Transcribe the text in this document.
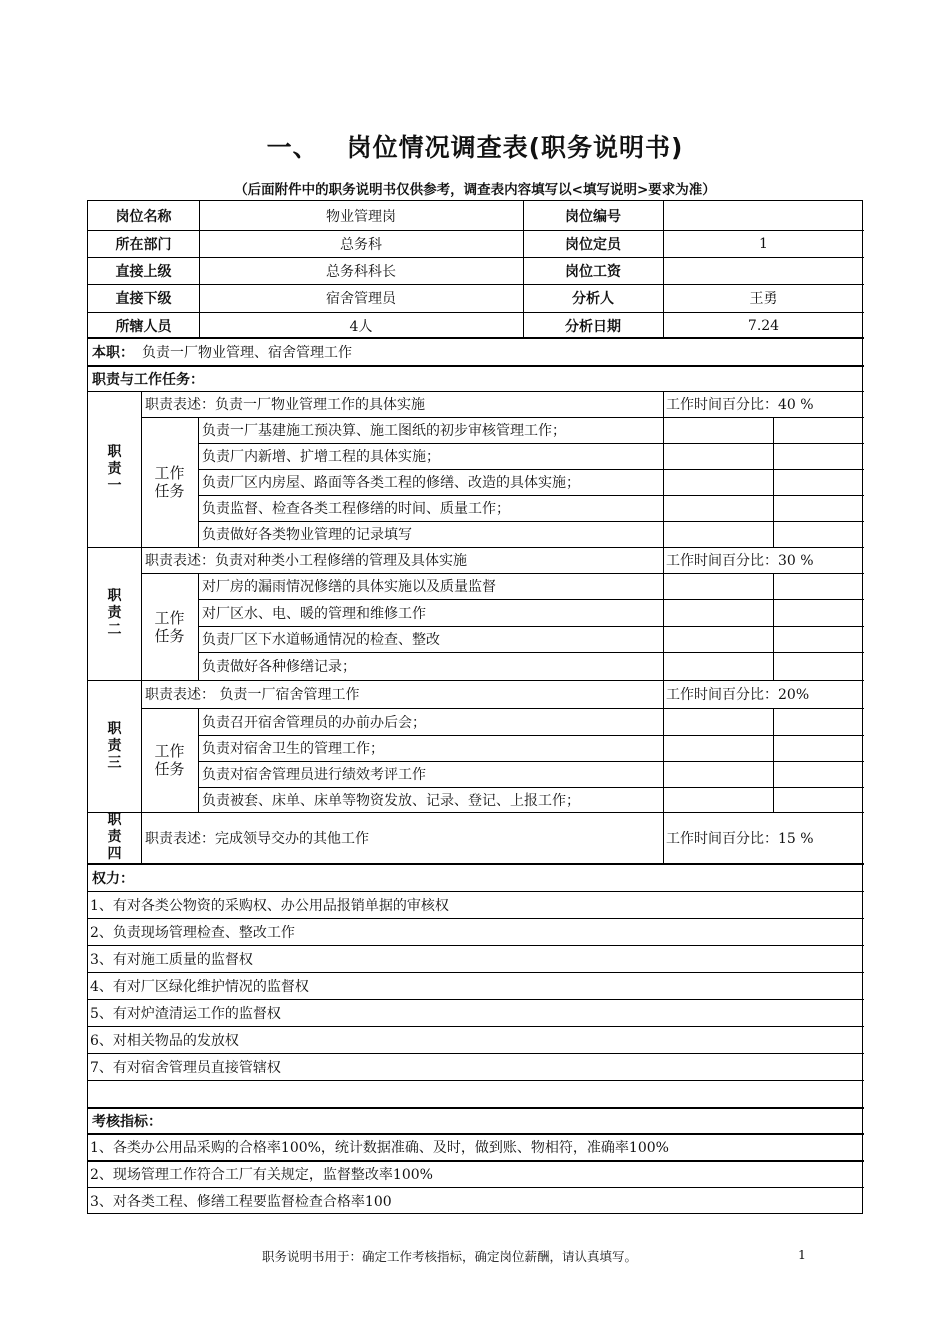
一、 岗位情况调查表(职务说明书)
（后面附件中的职务说明书仅供参考，调查表内容填写以<填写说明>要求为准）
岗位名称	物业管理岗	岗位编号
所在部门	总务科	岗位定员	1
直接上级	总务科科长	岗位工资
直接下级	宿舍管理员	分析人	王勇
所辖人员	4人	分析日期	7.24
本职： 负责一厂物业管理、宿舍管理工作
职责与工作任务：
职
责
一
职责表述：负责一厂物业管理工作的具体实施	工作时间百分比：40 %
工作
任务
负责一厂基建施工预决算、施工图纸的初步审核管理工作；
负责厂内新增、扩增工程的具体实施；
负责厂区内房屋、路面等各类工程的修缮、改造的具体实施；
负责监督、检查各类工程修缮的时间、质量工作；
负责做好各类物业管理的记录填写
职
责
二
职责表述：负责对种类小工程修缮的管理及具体实施	工作时间百分比：30 %
工作
任务
对厂房的漏雨情况修缮的具体实施以及质量监督
对厂区水、电、暖的管理和维修工作
负责厂区下水道畅通情况的检查、整改
负责做好各种修缮记录；
职
责
三
职责表述： 负责一厂宿舍管理工作	工作时间百分比：20%
工作
任务
负责召开宿舍管理员的办前办后会；
负责对宿舍卫生的管理工作；
负责对宿舍管理员进行绩效考评工作
负责被套、床单、床单等物资发放、记录、登记、上报工作；
职
责
四
职责表述：完成领导交办的其他工作	工作时间百分比：15 %
权力：
1、有对各类公物资的采购权、办公用品报销单据的审核权
2、负责现场管理检查、整改工作
3、有对施工质量的监督权
4、有对厂区绿化维护情况的监督权
5、有对炉渣清运工作的监督权
6、对相关物品的发放权
7、有对宿舍管理员直接管辖权
考核指标：
1、各类办公用品采购的合格率100%，统计数据准确、及时，做到账、物相符，准确率100%
2、现场管理工作符合工厂有关规定，监督整改率100%
3、对各类工程、修缮工程要监督检查合格率100
职务说明书用于：确定工作考核指标，确定岗位薪酬，请认真填写。	1
